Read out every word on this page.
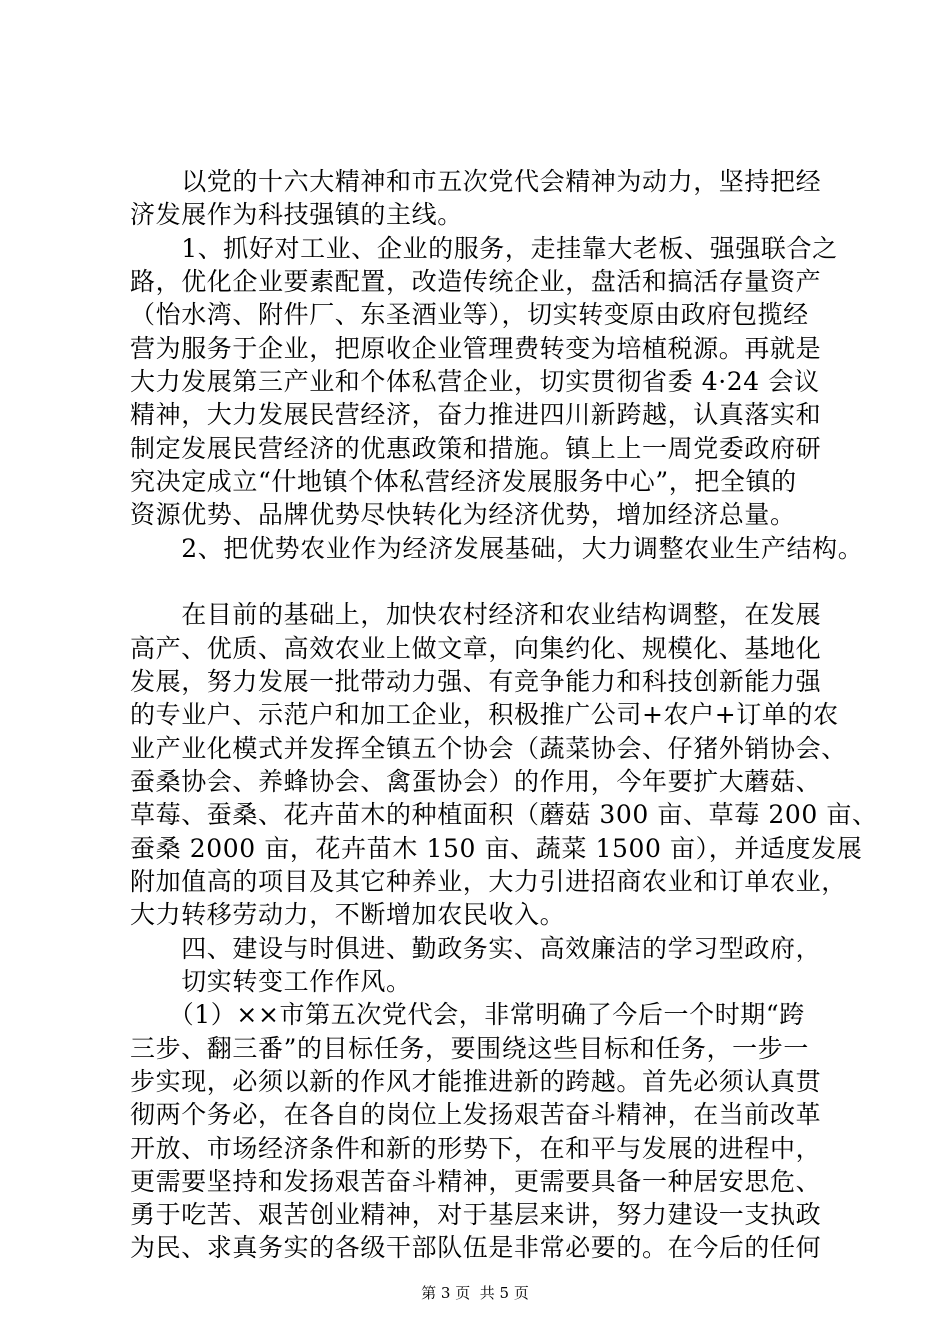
　　以党的十六大精神和市五次党代会精神为动力，坚持把经
济发展作为科技强镇的主线。
　　1、抓好对工业、企业的服务，走挂靠大老板、强强联合之
路，优化企业要素配置，改造传统企业，盘活和搞活存量资产
（怡水湾、附件厂、东圣酒业等），切实转变原由政府包揽经
营为服务于企业，把原收企业管理费转变为培植税源。再就是
大力发展第三产业和个体私营企业，切实贯彻省委 4·24 会议
精神，大力发展民营经济，奋力推进四川新跨越，认真落实和
制定发展民营经济的优惠政策和措施。镇上上一周党委政府研
究决定成立“什地镇个体私营经济发展服务中心”，把全镇的
资源优势、品牌优势尽快转化为经济优势，增加经济总量。
　　2、把优势农业作为经济发展基础，大力调整农业生产结构。
　　在目前的基础上，加快农村经济和农业结构调整，在发展
高产、优质、高效农业上做文章，向集约化、规模化、基地化
发展，努力发展一批带动力强、有竞争能力和科技创新能力强
的专业户、示范户和加工企业，积极推广公司+农户+订单的农
业产业化模式并发挥全镇五个协会（蔬菜协会、仔猪外销协会、
蚕桑协会、养蜂协会、禽蛋协会）的作用，今年要扩大蘑菇、
草莓、蚕桑、花卉苗木的种植面积（蘑菇 300 亩、草莓 200 亩、
蚕桑 2000 亩，花卉苗木 150 亩、蔬菜 1500 亩），并适度发展
附加值高的项目及其它种养业，大力引进招商农业和订单农业，
大力转移劳动力，不断增加农民收入。
　　四、建设与时俱进、勤政务实、高效廉洁的学习型政府，
　　切实转变工作作风。
　　（1）××市第五次党代会，非常明确了今后一个时期“跨
三步、翻三番”的目标任务，要围绕这些目标和任务，一步一
步实现，必须以新的作风才能推进新的跨越。首先必须认真贯
彻两个务必，在各自的岗位上发扬艰苦奋斗精神，在当前改革
开放、市场经济条件和新的形势下，在和平与发展的进程中，
更需要坚持和发扬艰苦奋斗精神，更需要具备一种居安思危、
勇于吃苦、艰苦创业精神，对于基层来讲，努力建设一支执政
为民、求真务实的各级干部队伍是非常必要的。在今后的任何
第 3 页  共 5 页
